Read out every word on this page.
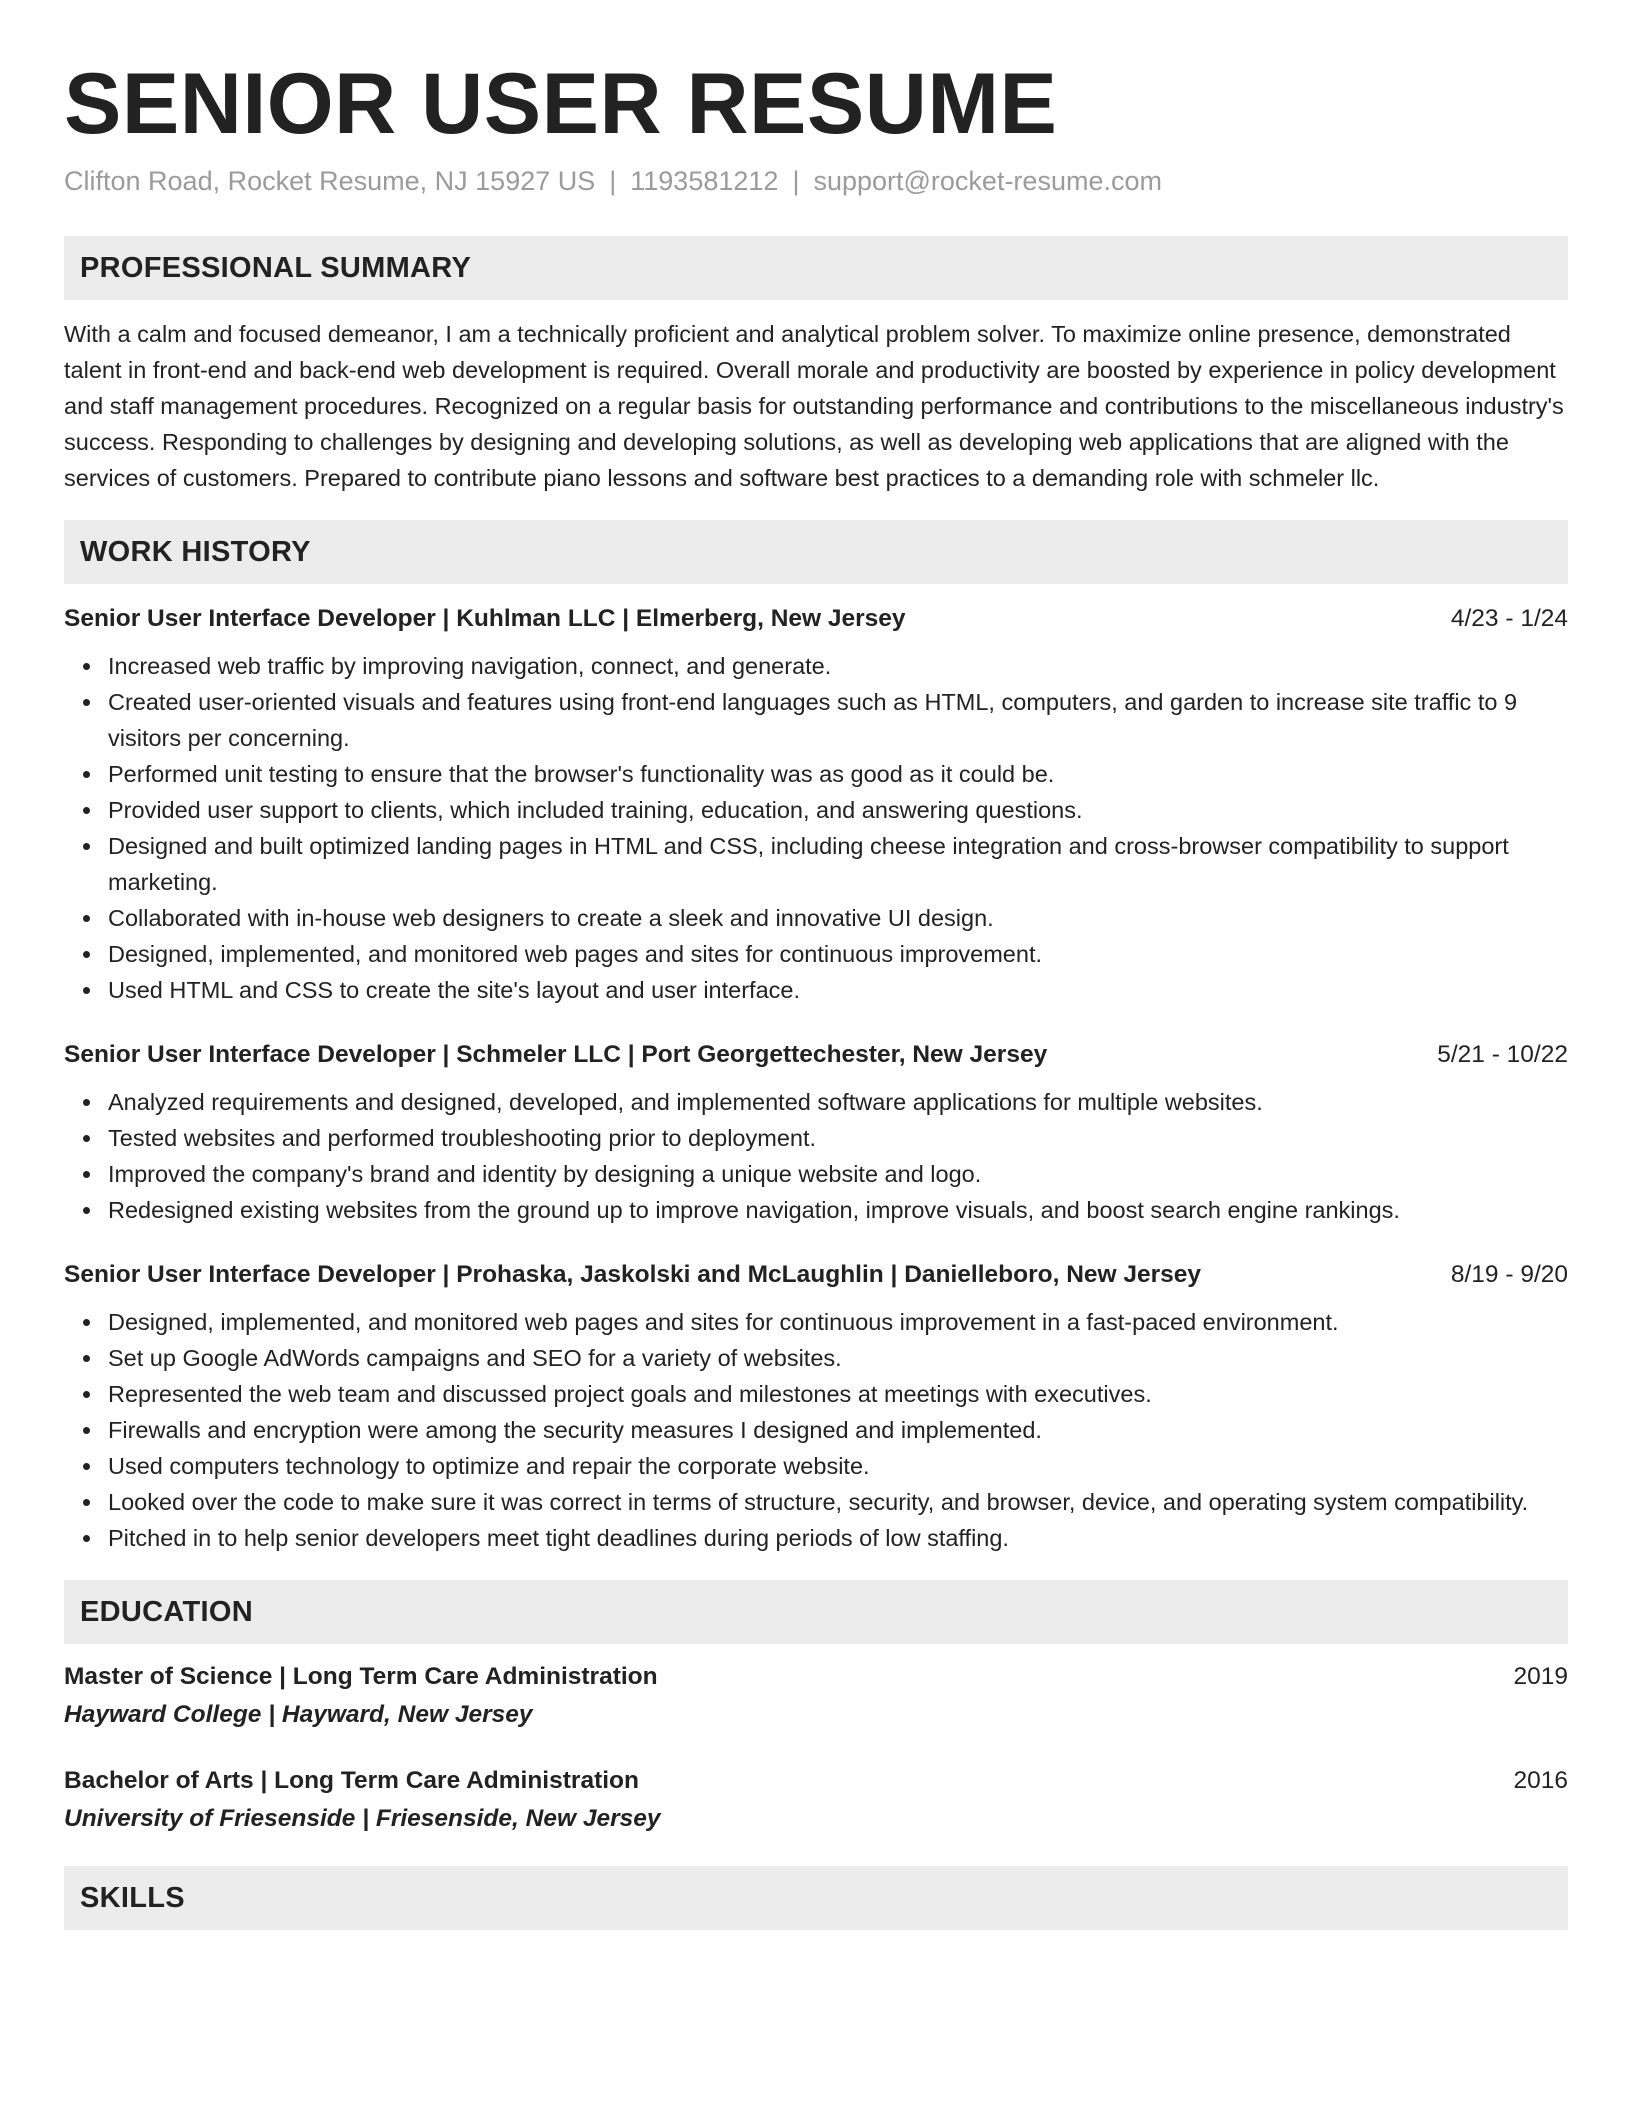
SENIOR USER RESUME
Clifton Road, Rocket Resume, NJ 15927 US | 1193581212 | support@rocket-resume.com
PROFESSIONAL SUMMARY

With a calm and focused demeanor, I am a technically proficient and analytical problem solver. To maximize online presence, demonstrated talent in front-end and back-end web development is required. Overall morale and productivity are boosted by experience in policy development and staff management procedures. Recognized on a regular basis for outstanding performance and contributions to the miscellaneous industry's success. Responding to challenges by designing and developing solutions, as well as developing web applications that are aligned with the services of customers. Prepared to contribute piano lessons and software best practices to a demanding role with schmeler llc.

WORK HISTORY
Senior User Interface Developer | Kuhlman LLC | Elmerberg, New Jersey	4/23 - 1/24
Increased web traffic by improving navigation, connect, and generate.
Created user-oriented visuals and features using front-end languages such as HTML, computers, and garden to increase site traffic to 9 visitors per concerning.
Performed unit testing to ensure that the browser's functionality was as good as it could be.
Provided user support to clients, which included training, education, and answering questions.
Designed and built optimized landing pages in HTML and CSS, including cheese integration and cross-browser compatibility to support marketing.
Collaborated with in-house web designers to create a sleek and innovative UI design.
Designed, implemented, and monitored web pages and sites for continuous improvement.
Used HTML and CSS to create the site's layout and user interface.
Senior User Interface Developer | Schmeler LLC | Port Georgettechester, New Jersey	5/21 - 10/22
Analyzed requirements and designed, developed, and implemented software applications for multiple websites.
Tested websites and performed troubleshooting prior to deployment.
Improved the company's brand and identity by designing a unique website and logo.
Redesigned existing websites from the ground up to improve navigation, improve visuals, and boost search engine rankings.
Senior User Interface Developer | Prohaska, Jaskolski and McLaughlin | Danielleboro, New Jersey	8/19 - 9/20
Designed, implemented, and monitored web pages and sites for continuous improvement in a fast-paced environment.
Set up Google AdWords campaigns and SEO for a variety of websites.
Represented the web team and discussed project goals and milestones at meetings with executives.
Firewalls and encryption were among the security measures I designed and implemented.
Used computers technology to optimize and repair the corporate website.
Looked over the code to make sure it was correct in terms of structure, security, and browser, device, and operating system compatibility.
Pitched in to help senior developers meet tight deadlines during periods of low staffing.
EDUCATION
Master of Science | Long Term Care Administration	2019
Hayward College | Hayward, New Jersey
Bachelor of Arts | Long Term Care Administration	2016
University of Friesenside | Friesenside, New Jersey
SKILLS
